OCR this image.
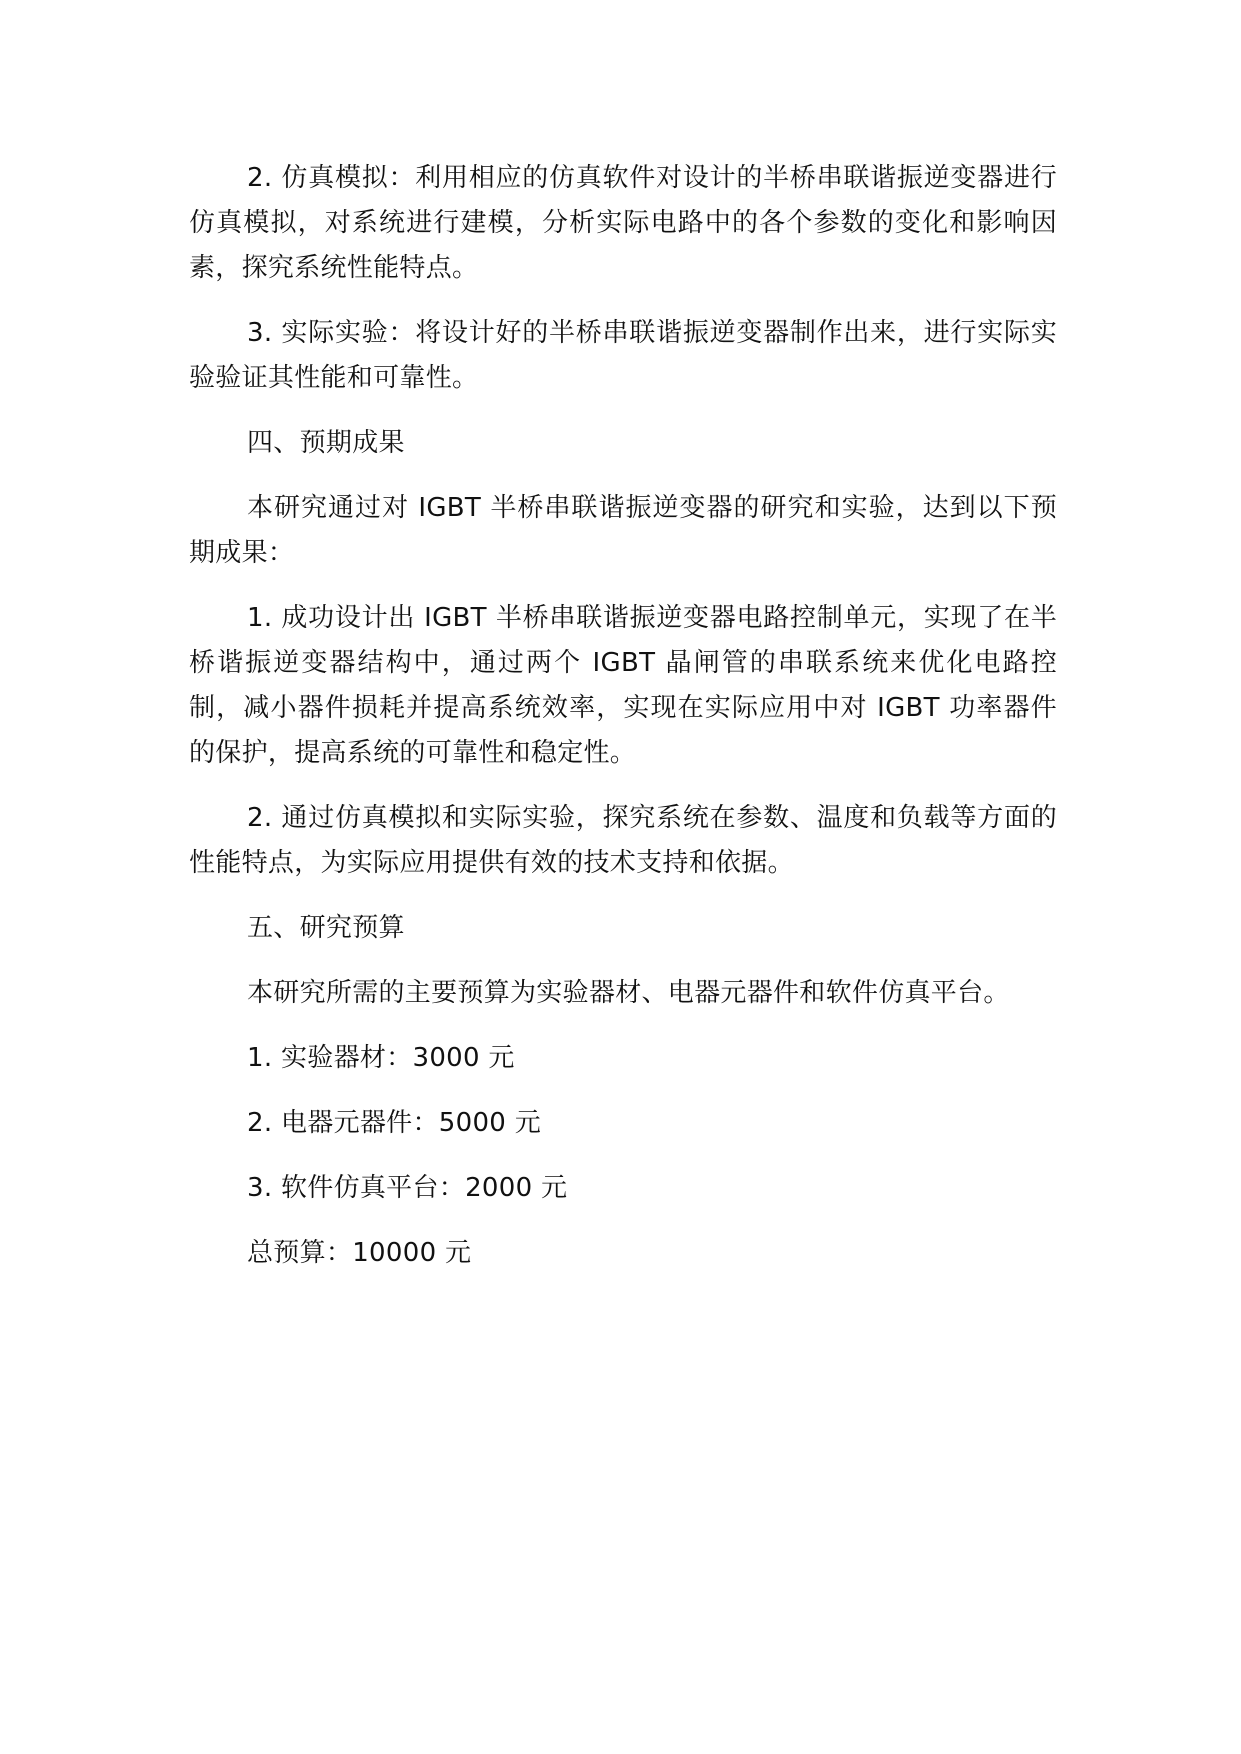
2. 仿真模拟：利用相应的仿真软件对设计的半桥串联谐振逆变器进行仿真模拟，对系统进行建模，分析实际电路中的各个参数的变化和影响因素，探究系统性能特点。

3. 实际实验：将设计好的半桥串联谐振逆变器制作出来，进行实际实验验证其性能和可靠性。

四、预期成果

本研究通过对 IGBT 半桥串联谐振逆变器的研究和实验，达到以下预期成果：

1. 成功设计出 IGBT 半桥串联谐振逆变器电路控制单元，实现了在半桥谐振逆变器结构中，通过两个 IGBT 晶闸管的串联系统来优化电路控制，减小器件损耗并提高系统效率，实现在实际应用中对 IGBT 功率器件的保护，提高系统的可靠性和稳定性。

2. 通过仿真模拟和实际实验，探究系统在参数、温度和负载等方面的性能特点，为实际应用提供有效的技术支持和依据。

五、研究预算

本研究所需的主要预算为实验器材、电器元器件和软件仿真平台。

1. 实验器材：3000 元

2. 电器元器件：5000 元

3. 软件仿真平台：2000 元

总预算：10000 元
